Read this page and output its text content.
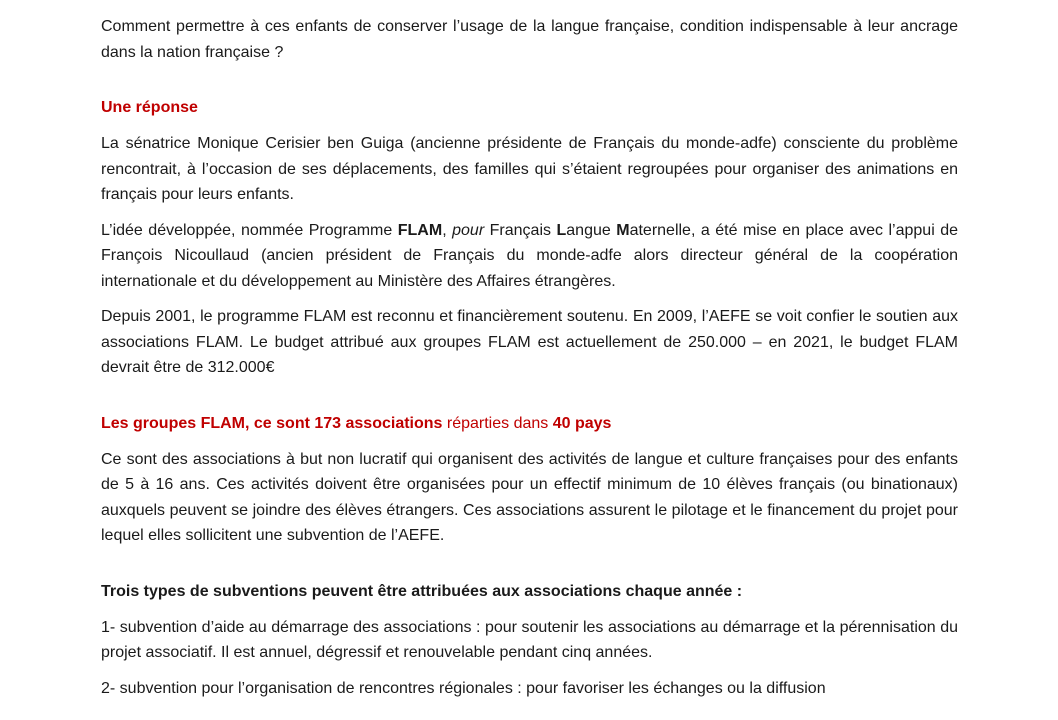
Comment permettre à ces enfants de conserver l’usage de la langue française, condition indispensable à leur ancrage dans la nation française ?

Une réponse

La sénatrice Monique Cerisier ben Guiga (ancienne présidente de Français du monde-adfe) consciente du problème rencontrait, à l’occasion de ses déplacements, des familles qui s’étaient regroupées pour organiser des animations en français pour leurs enfants.

L’idée développée, nommée Programme FLAM, pour Français Langue Maternelle, a été mise en place avec l’appui de François Nicoullaud (ancien président de Français du monde-adfe alors directeur général de la coopération internationale et du développement au Ministère des Affaires étrangères.

Depuis 2001, le programme FLAM est reconnu et financièrement soutenu. En 2009, l’AEFE se voit confier le soutien aux associations FLAM. Le budget attribué aux groupes FLAM est actuellement de 250.000 – en 2021, le budget FLAM devrait être de 312.000€

Les groupes FLAM, ce sont 173 associations réparties dans 40 pays

Ce sont des associations à but non lucratif qui organisent des activités de langue et culture françaises pour des enfants de 5 à 16 ans. Ces activités doivent être organisées pour un effectif minimum de 10 élèves français (ou binationaux) auxquels peuvent se joindre des élèves étrangers. Ces associations assurent le pilotage et le financement du projet pour lequel elles sollicitent une subvention de l’AEFE.

Trois types de subventions peuvent être attribuées aux associations chaque année :

1- subvention d’aide au démarrage des associations : pour soutenir les associations au démarrage et la pérennisation du projet associatif. Il est annuel, dégressif et renouvelable pendant cinq années.

2- subvention pour l’organisation de rencontres régionales : pour favoriser les échanges ou la diffusion
